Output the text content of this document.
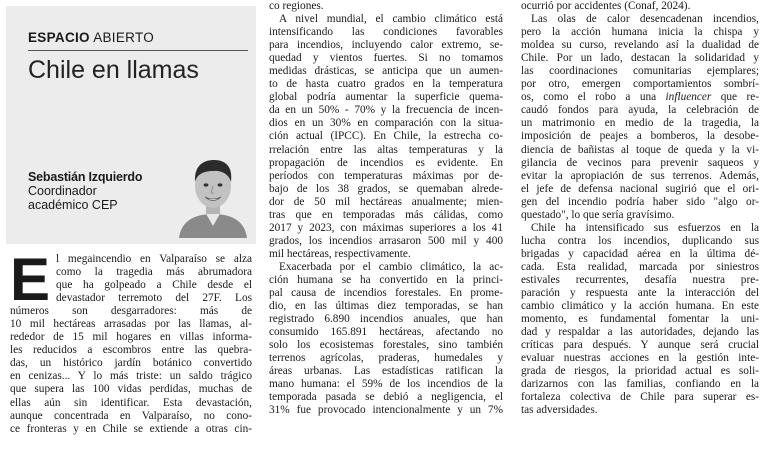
ESPACIO ABIERTO
Chile en llamas
Sebastián Izquierdo
Coordinador
académico CEP
E l megaincendio en Valparaíso se alza
como la tragedia más abrumadora
que ha golpeado a Chile desde el
devastador terremoto del 27F. Los
números son desgarradores: más de
10 mil hectáreas arrasadas por las llamas, al-
rededor de 15 mil hogares en villas informa-
les reducidos a escombros entre las quebra-
das, un histórico jardín botánico convertido
en cenizas... Y lo más triste: un saldo trágico
que supera las 100 vidas perdidas, muchas de
ellas aún sin identificar. Esta devastación,
aunque concentrada en Valparaíso, no cono-
ce fronteras y en Chile se extiende a otras cin-
co regiones.
A nivel mundial, el cambio climático está
intensificando las condiciones favorables
para incendios, incluyendo calor extremo, se-
quedad y vientos fuertes. Si no tomamos
medidas drásticas, se anticipa que un aumen-
to de hasta cuatro grados en la temperatura
global podría aumentar la superficie quema-
da en un 50% - 70% y la frecuencia de incen-
dios en un 30% en comparación con la situa-
ción actual (IPCC). En Chile, la estrecha co-
rrelación entre las altas temperaturas y la
propagación de incendios es evidente. En
períodos con temperaturas máximas por de-
bajo de los 38 grados, se quemaban alrede-
dor de 50 mil hectáreas anualmente; mien-
tras que en temporadas más cálidas, como
2017 y 2023, con máximas superiores a los 41
grados, los incendios arrasaron 500 mil y 400
mil hectáreas, respectivamente.
Exacerbada por el cambio climático, la ac-
ción humana se ha convertido en la princi-
pal causa de incendios forestales. En prome-
dio, en las últimas diez temporadas, se han
registrado 6.890 incendios anuales, que han
consumido 165.891 hectáreas, afectando no
solo los ecosistemas forestales, sino también
terrenos agrícolas, praderas, humedales y
áreas urbanas. Las estadísticas ratifican la
mano humana: el 59% de los incendios de la
temporada pasada se debió a negligencia, el
31% fue provocado intencionalmente y un 7%
ocurrió por accidentes (Conaf, 2024).
Las olas de calor desencadenan incendios,
pero la acción humana inicia la chispa y
moldea su curso, revelando así la dualidad de
Chile. Por un lado, destacan la solidaridad y
las coordinaciones comunitarias ejemplares;
por otro, emergen comportamientos sombrí-
os, como el robo a una influencer que re-
caudó fondos para ayuda, la celebración de
un matrimonio en medio de la tragedia, la
imposición de peajes a bomberos, la desobe-
diencia de bañistas al toque de queda y la vi-
gilancia de vecinos para prevenir saqueos y
evitar la apropiación de sus terrenos. Además,
el jefe de defensa nacional sugirió que el ori-
gen del incendio podría haber sido "algo or-
questado", lo que sería gravísimo.
Chile ha intensificado sus esfuerzos en la
lucha contra los incendios, duplicando sus
brigadas y capacidad aérea en la última dé-
cada. Esta realidad, marcada por siniestros
estivales recurrentes, desafía nuestra pre-
paración y respuesta ante la interacción del
cambio climático y la acción humana. En este
momento, es fundamental fomentar la uni-
dad y respaldar a las autoridades, dejando las
críticas para después. Y aunque será crucial
evaluar nuestras acciones en la gestión inte-
grada de riesgos, la prioridad actual es soli-
darizarnos con las familias, confiando en la
fortaleza colectiva de Chile para superar es-
tas adversidades.
